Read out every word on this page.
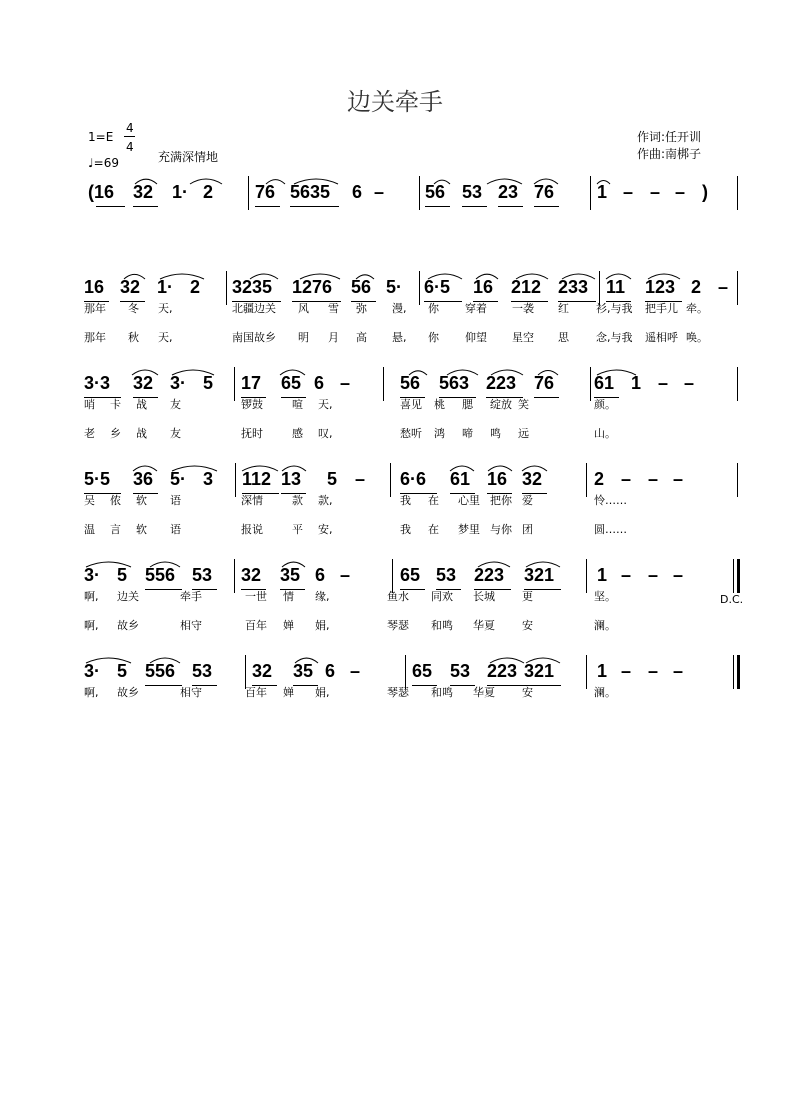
边关牵手
1=E
4
4
♩=69	充满深情地
作词:任开训
作曲:南梆子
D.C.
(16 32 1· 2 76 5635 6 – 56 53 23 76 1 – – – )
16 32 1· 2 3235 1276 56 5· 6·5 16 212 233 11 123 2 –
那年 冬 天,	北疆边关 风 雪 弥 漫, 你 穿着 一袭 红 衫,与我 把手儿 牵。
那年 秋 天,	南国故乡 明 月 高 悬, 你 仰望 星空 思 念,与我 遥相呼 唤。
3·3 32 3· 5 17 65 6 –	56 563 223 76 61 1 – –
哨 卡 战 友	锣鼓	喧 天,	喜见 桃 腮 绽放 笑	颜。
老 乡 战 友	抚时	感 叹,	愁听 鸿 啼 鸣 远	山。
5·5 36 5· 3 112 13 5 – 6·6 61 16 32	2 – – –
吴 侬 软 语	深情	款 款,	我 在 心里 把你 爱	怜……
温 言 软 语	报说	平 安,	我 在 梦里 与你 团	圆……
3· 5 556 53 32 35 6 –	65 53 223 321 1 – – –
啊, 边关	牵手	一世 情 缘,	鱼水 同欢 长城 更	坚。
啊, 故乡	相守	百年 婵 娟,	琴瑟 和鸣 华夏 安	澜。
3· 5 556 53 32 35 6 –	65 53 223 321 1 – – –
啊, 故乡	相守	百年 婵 娟,	琴瑟 和鸣 华夏 安	澜。
